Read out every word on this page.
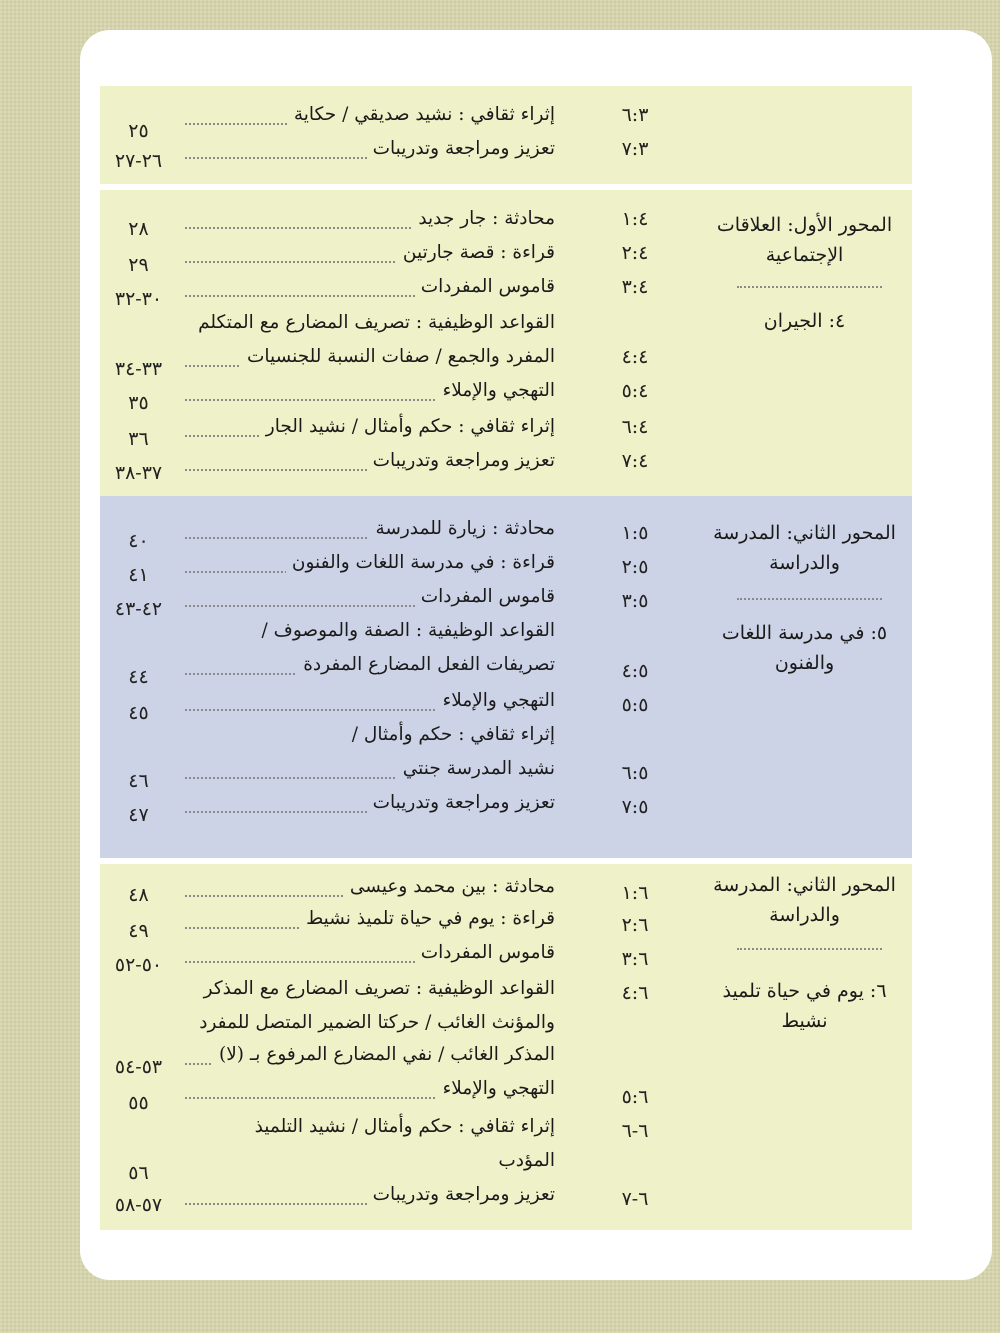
٢٥
٢٦-٢٧
إثراء ثقافي : نشيد صديقي / حكاية
تعزيز ومراجعة وتدريبات
٦:٣
٧:٣
٢٨
٢٩
٣٠-٣٢
٣٣-٣٤
٣٥
٣٦
٣٧-٣٨
محادثة : جار جديد
قراءة : قصة جارتين
قاموس المفردات
القواعد الوظيفية : تصريف المضارع مع المتكلم
المفرد والجمع / صفات النسبة للجنسيات
التهجي والإملاء
إثراء ثقافي : حكم وأمثال / نشيد الجار
تعزيز ومراجعة وتدريبات
١:٤
٢:٤
٣:٤
٤:٤
٥:٤
٦:٤
٧:٤
المحور الأول: العلاقات الإجتماعية
٤: الجيران
٤٠
٤١
٤٢-٤٣
٤٤
٤٥
٤٦
٤٧
محادثة : زيارة للمدرسة
قراءة : في مدرسة اللغات والفنون
قاموس المفردات
القواعد الوظيفية : الصفة والموصوف /
تصريفات الفعل المضارع المفردة
التهجي والإملاء
إثراء ثقافي : حكم وأمثال /
نشيد المدرسة جنتي
تعزيز ومراجعة وتدريبات
١:٥
٢:٥
٣:٥
٤:٥
٥:٥
٦:٥
٧:٥
المحور الثاني: المدرسة والدراسة
٥: في مدرسة اللغات والفنون
٤٨
٤٩
٥٠-٥٢
٥٣-٥٤
٥٥
٥٦
٥٧-٥٨
محادثة : بين محمد وعيسى
قراءة : يوم في حياة تلميذ نشيط
قاموس المفردات
القواعد الوظيفية : تصريف المضارع مع المذكر
والمؤنث الغائب / حركتا الضمير المتصل للمفرد
المذكر الغائب / نفي المضارع المرفوع بـ (لا)
التهجي والإملاء
إثراء ثقافي : حكم وأمثال / نشيد التلميذ
المؤدب
تعزيز ومراجعة وتدريبات
١:٦
٢:٦
٣:٦
٤:٦
٥:٦
٦-٦
٦-٧
المحور الثاني: المدرسة والدراسة
٦: يوم في حياة تلميذ نشيط
